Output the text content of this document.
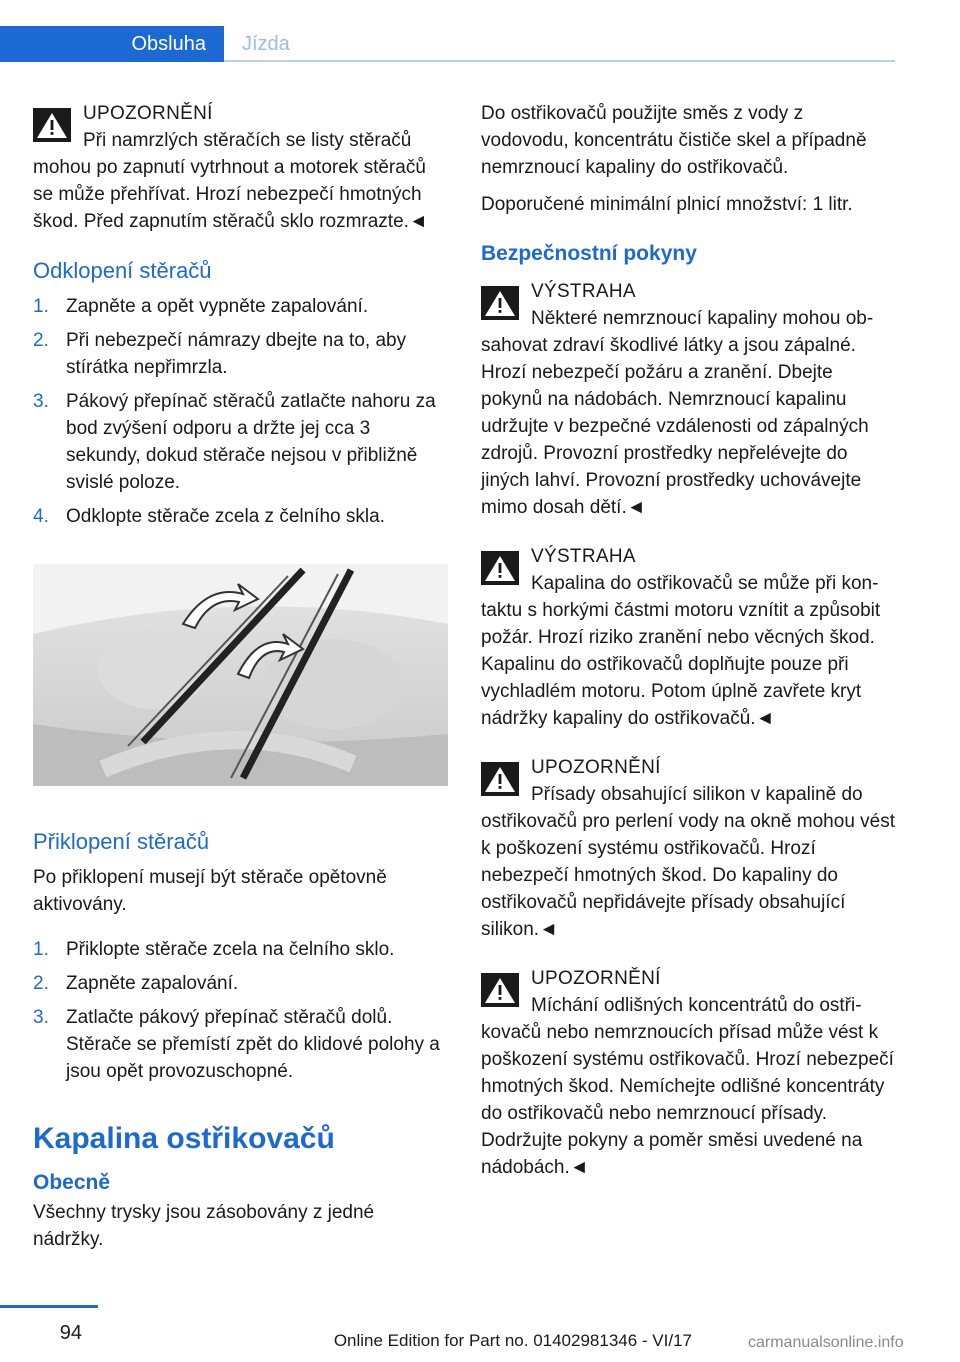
Obsluha	Jízda
UPOZORNĚNÍ
Při namrzlých stěračích se listy stěračů
mohou po zapnutí vytrhnout a motorek stěračů se může přehřívat. Hrozí nebezpečí hmotných škod. Před zapnutím stěračů sklo rozmrazte.◄
Odklopení stěračů
1. Zapněte a opět vypněte zapalování.
2. Při nebezpečí námrazy dbejte na to, aby stírátka nepřimrzla.
3. Pákový přepínač stěračů zatlačte nahoru za bod zvýšení odporu a držte jej cca 3 sekundy, dokud stěrače nejsou v přibližně svislé poloze.
4. Odklopte stěrače zcela z čelního skla.
Přiklopení stěračů

Po přiklopení musejí být stěrače opětovně aktivovány.

1. Přiklopte stěrače zcela na čelního sklo.
2. Zapněte zapalování.
3. Zatlačte pákový přepínač stěračů dolů. Stěrače se přemístí zpět do klidové polohy a jsou opět provozuschopné.
Kapalina ostřikovačů
Obecně

Všechny trysky jsou zásobovány z jedné nádržky.

Do ostřikovačů použijte směs z vody z vodovodu, koncentrátu čističe skel a případně nemrznoucí kapaliny do ostřikovačů.

Doporučené minimální plnicí množství: 1 litr.

Bezpečnostní pokyny
VÝSTRAHA
Některé nemrznoucí kapaliny mohou ob-
sahovat zdraví škodlivé látky a jsou zápalné. Hrozí nebezpečí požáru a zranění. Dbejte pokynů na nádobách. Nemrznoucí kapalinu udržujte v bezpečné vzdálenosti od zápalných zdrojů. Provozní prostředky nepřelévejte do jiných lahví. Provozní prostředky uchovávejte mimo dosah dětí.◄
VÝSTRAHA
Kapalina do ostřikovačů se může při kon-
taktu s horkými částmi motoru vznítit a způsobit požár. Hrozí riziko zranění nebo věcných škod. Kapalinu do ostřikovačů doplňujte pouze při vychladlém motoru. Potom úplně zavřete kryt nádržky kapaliny do ostřikovačů.◄
UPOZORNĚNÍ
Přísady obsahující silikon v kapalině do
ostřikovačů pro perlení vody na okně mohou vést k poškození systému ostřikovačů. Hrozí nebezpečí hmotných škod. Do kapaliny do ostřikovačů nepřidávejte přísady obsahující silikon.◄
UPOZORNĚNÍ
Míchání odlišných koncentrátů do ostři-
kovačů nebo nemrznoucích přísad může vést k poškození systému ostřikovačů. Hrozí nebezpečí hmotných škod. Nemíchejte odlišné koncentráty do ostřikovačů nebo nemrznoucí přísady. Dodržujte pokyny a poměr směsi uvedené na nádobách.◄
94	Online Edition for Part no. 01402981346 - VI/17	carmanualsonline.info
